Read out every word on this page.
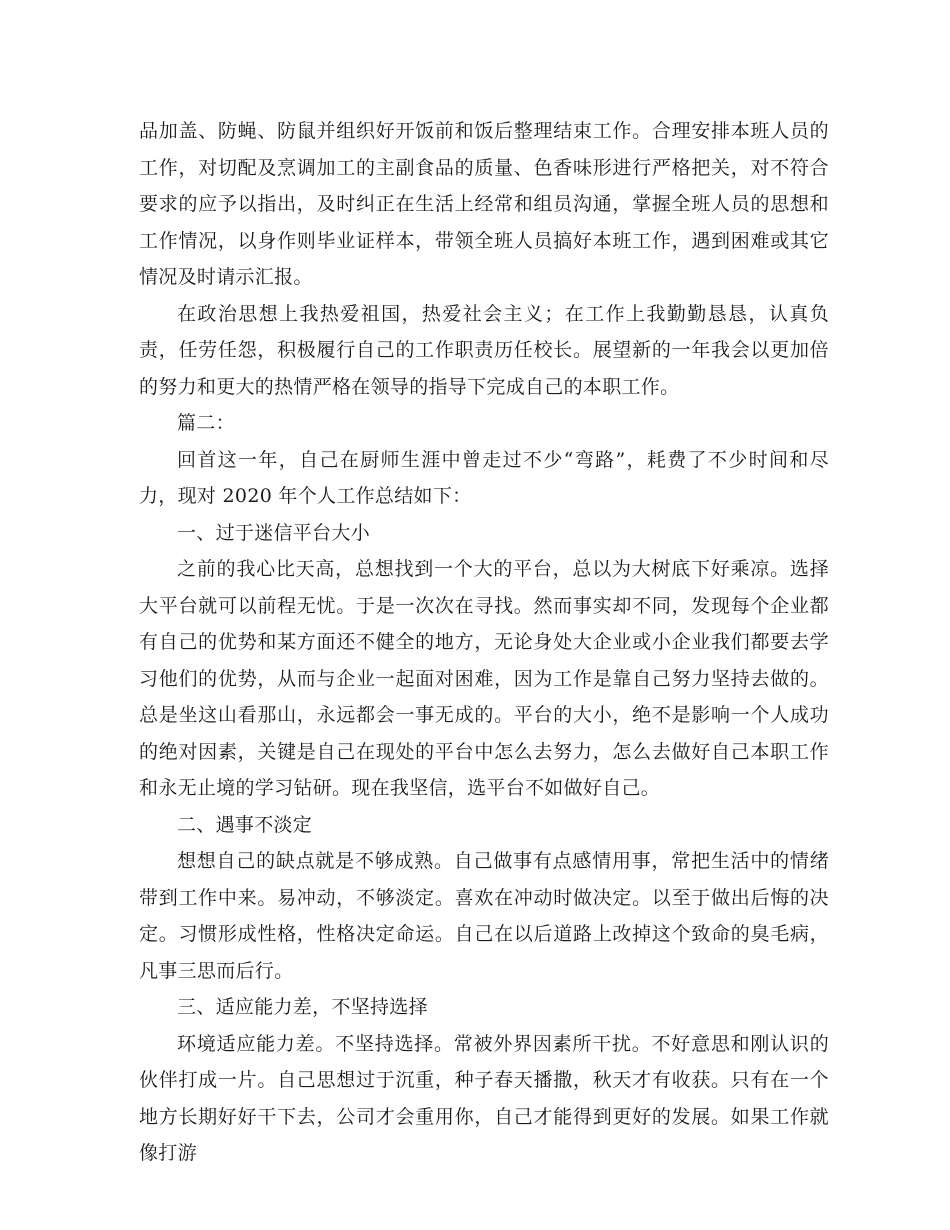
品加盖、防蝇、防鼠并组织好开饭前和饭后整理结束工作。合理安排本班人员的工作，对切配及烹调加工的主副食品的质量、色香味形进行严格把关，对不符合要求的应予以指出，及时纠正在生活上经常和组员沟通，掌握全班人员的思想和工作情况，以身作则毕业证样本，带领全班人员搞好本班工作，遇到困难或其它情况及时请示汇报。

在政治思想上我热爱祖国，热爱社会主义；在工作上我勤勤恳恳，认真负责，任劳任怨，积极履行自己的工作职责历任校长。展望新的一年我会以更加倍的努力和更大的热情严格在领导的指导下完成自己的本职工作。

篇二：

回首这一年，自己在厨师生涯中曾走过不少“弯路”，耗费了不少时间和尽力，现对 2020 年个人工作总结如下：

一、过于迷信平台大小

之前的我心比天高，总想找到一个大的平台，总以为大树底下好乘凉。选择大平台就可以前程无忧。于是一次次在寻找。然而事实却不同，发现每个企业都有自己的优势和某方面还不健全的地方，无论身处大企业或小企业我们都要去学习他们的优势，从而与企业一起面对困难，因为工作是靠自己努力坚持去做的。总是坐这山看那山，永远都会一事无成的。平台的大小，绝不是影响一个人成功的绝对因素，关键是自己在现处的平台中怎么去努力，怎么去做好自己本职工作和永无止境的学习钻研。现在我坚信，选平台不如做好自己。

二、遇事不淡定

想想自己的缺点就是不够成熟。自己做事有点感情用事，常把生活中的情绪带到工作中来。易冲动，不够淡定。喜欢在冲动时做决定。以至于做出后悔的决定。习惯形成性格，性格决定命运。自己在以后道路上改掉这个致命的臭毛病，凡事三思而后行。

三、适应能力差，不坚持选择

环境适应能力差。不坚持选择。常被外界因素所干扰。不好意思和刚认识的伙伴打成一片。自己思想过于沉重，种子春天播撒，秋天才有收获。只有在一个地方长期好好干下去，公司才会重用你，自己才能得到更好的发展。如果工作就像打游
